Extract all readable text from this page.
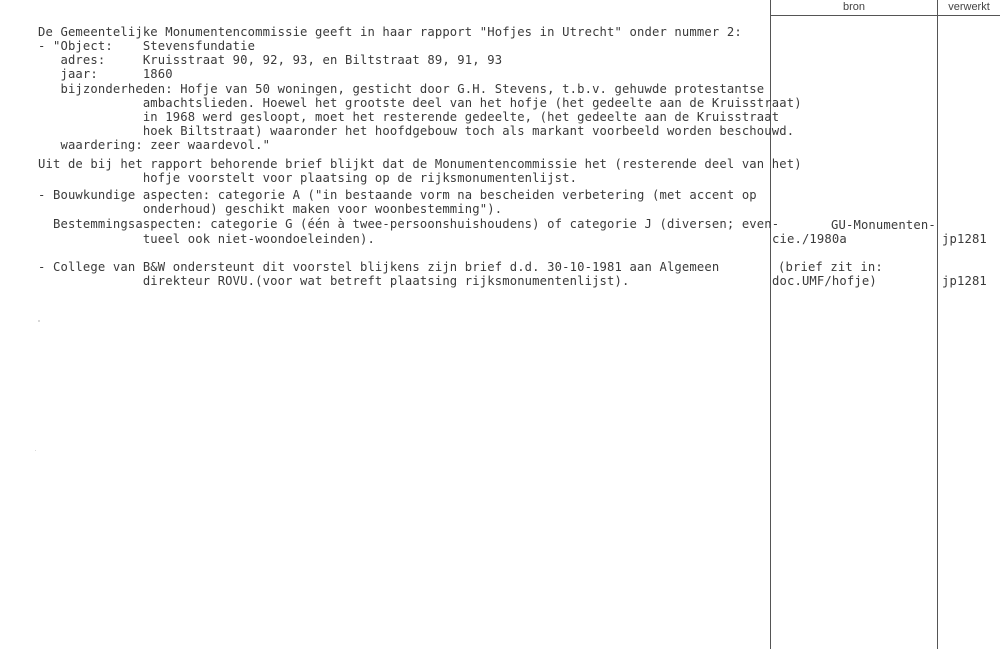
bron	verwerkt
De Gemeentelijke Monumentencommissie geeft in haar rapport "Hofjes in Utrecht" onder nummer 2:
- "Object:    Stevensfundatie
adres:     Kruisstraat 90, 92, 93, en Biltstraat 89, 91, 93
jaar:      1860
bijzonderheden: Hofje van 50 woningen, gesticht door G.H. Stevens, t.b.v. gehuwde protestantse
ambachtslieden. Hoewel het grootste deel van het hofje (het gedeelte aan de Kruisstraat)
in 1968 werd gesloopt, moet het resterende gedeelte, (het gedeelte aan de Kruisstraat
hoek Biltstraat) waaronder het hoofdgebouw toch als markant voorbeeld worden beschouwd.
waardering: zeer waardevol."
Uit de bij het rapport behorende brief blijkt dat de Monumentencommissie het (resterende deel van het)
hofje voorstelt voor plaatsing op de rijksmonumentenlijst.
- Bouwkundige aspecten: categorie A ("in bestaande vorm na bescheiden verbetering (met accent op
onderhoud) geschikt maken voor woonbestemming").
Bestemmingsaspecten: categorie G (één à twee-persoonshuishoudens) of categorie J (diversen; even-
tueel ook niet-woondoeleinden).
- College van B&W ondersteunt dit voorstel blijkens zijn brief d.d. 30-10-1981 aan Algemeen
direkteur ROVU.(voor wat betreft plaatsing rijksmonumentenlijst).
GU-Monumenten-
cie./1980a
(brief zit in:
doc.UMF/hofje)
jp1281
jp1281
